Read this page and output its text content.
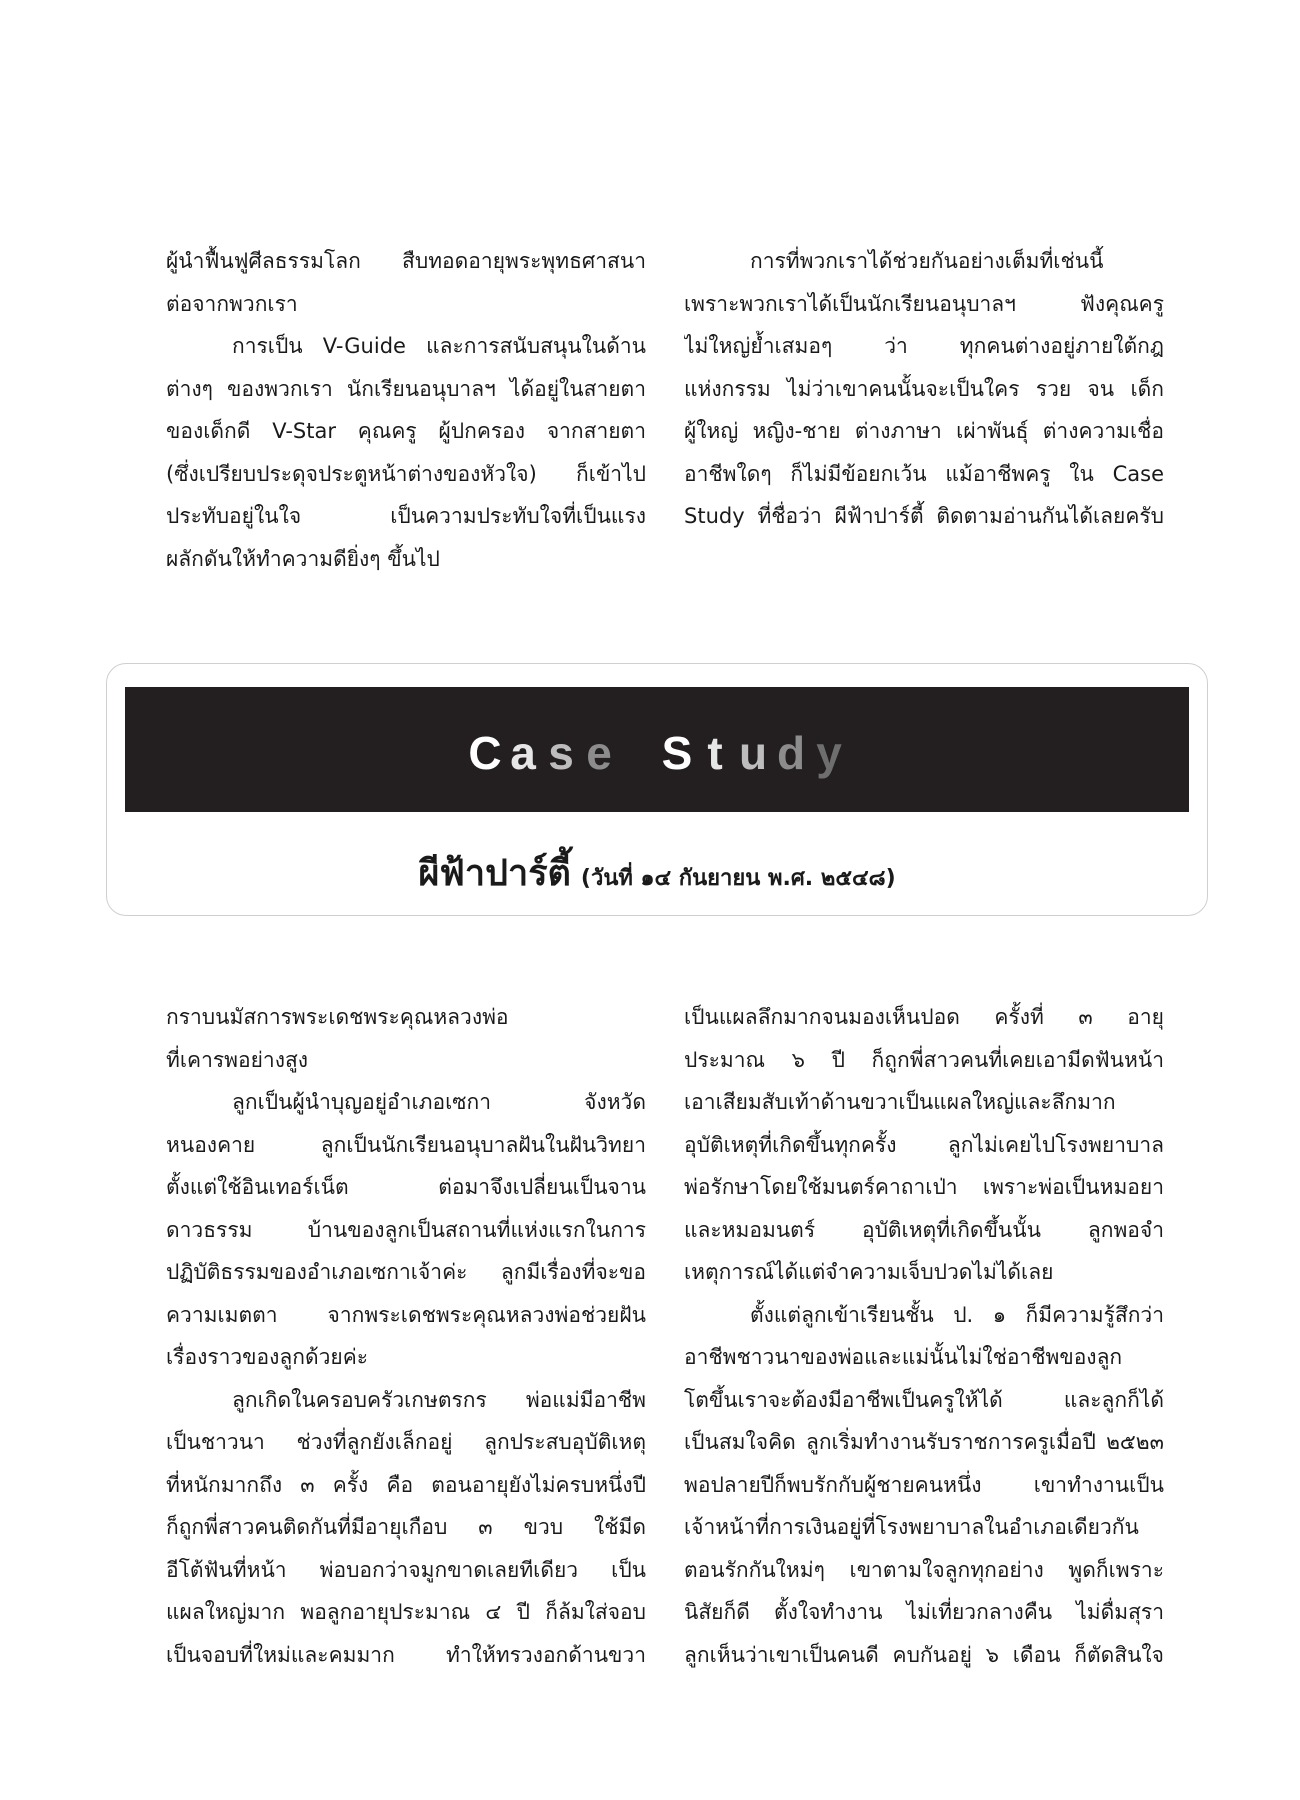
ผู้นำฟื้นฟูศีลธรรมโลก สืบทอดอายุพระพุทธศาสนา
ต่อจากพวกเรา
การเป็น V-Guide และการสนับสนุนในด้าน
ต่างๆ ของพวกเรา นักเรียนอนุบาลฯ ได้อยู่ในสายตา
ของเด็กดี V-Star คุณครู ผู้ปกครอง จากสายตา
(ซึ่งเปรียบประดุจประตูหน้าต่างของหัวใจ) ก็เข้าไป
ประทับอยู่ในใจ เป็นความประทับใจที่เป็นแรง
ผลักดันให้ทำความดียิ่งๆ ขึ้นไป
การที่พวกเราได้ช่วยกันอย่างเต็มที่เช่นนี้
เพราะพวกเราได้เป็นนักเรียนอนุบาลฯ ฟังคุณครู
ไม่ใหญ่ย้ำเสมอๆ ว่า ทุกคนต่างอยู่ภายใต้กฎ
แห่งกรรม ไม่ว่าเขาคนนั้นจะเป็นใคร รวย จน เด็ก
ผู้ใหญ่ หญิง-ชาย ต่างภาษา เผ่าพันธุ์ ต่างความเชื่อ
อาชีพใดๆ ก็ไม่มีข้อยกเว้น แม้อาชีพครู ใน Case
Study ที่ชื่อว่า ผีฟ้าปาร์ตี้ ติดตามอ่านกันได้เลยครับ
C a s e
S t u d y
ผีฟ้าปาร์ตี้ (วันที่ ๑๔ กันยายน พ.ศ. ๒๕๔๘)
กราบนมัสการพระเดชพระคุณหลวงพ่อ
ที่เคารพอย่างสูง
ลูกเป็นผู้นำบุญอยู่อำเภอเซกา จังหวัด
หนองคาย ลูกเป็นนักเรียนอนุบาลฝันในฝันวิทยา
ตั้งแต่ใช้อินเทอร์เน็ต ต่อมาจึงเปลี่ยนเป็นจาน
ดาวธรรม บ้านของลูกเป็นสถานที่แห่งแรกในการ
ปฏิบัติธรรมของอำเภอเซกาเจ้าค่ะ ลูกมีเรื่องที่จะขอ
ความเมตตา จากพระเดชพระคุณหลวงพ่อช่วยฝัน
เรื่องราวของลูกด้วยค่ะ
ลูกเกิดในครอบครัวเกษตรกร พ่อแม่มีอาชีพ
เป็นชาวนา ช่วงที่ลูกยังเล็กอยู่ ลูกประสบอุบัติเหตุ
ที่หนักมากถึง ๓ ครั้ง คือ ตอนอายุยังไม่ครบหนึ่งปี
ก็ถูกพี่สาวคนติดกันที่มีอายุเกือบ ๓ ขวบ ใช้มีด
อีโต้ฟันที่หน้า พ่อบอกว่าจมูกขาดเลยทีเดียว เป็น
แผลใหญ่มาก พอลูกอายุประมาณ ๔ ปี ก็ล้มใส่จอบ
เป็นจอบที่ใหม่และคมมาก ทำให้ทรวงอกด้านขวา
เป็นแผลลึกมากจนมองเห็นปอด ครั้งที่ ๓ อายุ
ประมาณ ๖ ปี ก็ถูกพี่สาวคนที่เคยเอามีดฟันหน้า
เอาเสียมสับเท้าด้านขวาเป็นแผลใหญ่และลึกมาก
อุบัติเหตุที่เกิดขึ้นทุกครั้ง ลูกไม่เคยไปโรงพยาบาล
พ่อรักษาโดยใช้มนตร์คาถาเป่า เพราะพ่อเป็นหมอยา
และหมอมนตร์ อุบัติเหตุที่เกิดขึ้นนั้น ลูกพอจำ
เหตุการณ์ได้แต่จำความเจ็บปวดไม่ได้เลย
ตั้งแต่ลูกเข้าเรียนชั้น ป. ๑ ก็มีความรู้สึกว่า
อาชีพชาวนาของพ่อและแม่นั้นไม่ใช่อาชีพของลูก
โตขึ้นเราจะต้องมีอาชีพเป็นครูให้ได้ และลูกก็ได้
เป็นสมใจคิด ลูกเริ่มทำงานรับราชการครูเมื่อปี ๒๕๒๓
พอปลายปีก็พบรักกับผู้ชายคนหนึ่ง เขาทำงานเป็น
เจ้าหน้าที่การเงินอยู่ที่โรงพยาบาลในอำเภอเดียวกัน
ตอนรักกันใหม่ๆ เขาตามใจลูกทุกอย่าง พูดก็เพราะ
นิสัยก็ดี ตั้งใจทำงาน ไม่เที่ยวกลางคืน ไม่ดื่มสุรา
ลูกเห็นว่าเขาเป็นคนดี คบกันอยู่ ๖ เดือน ก็ตัดสินใจ
